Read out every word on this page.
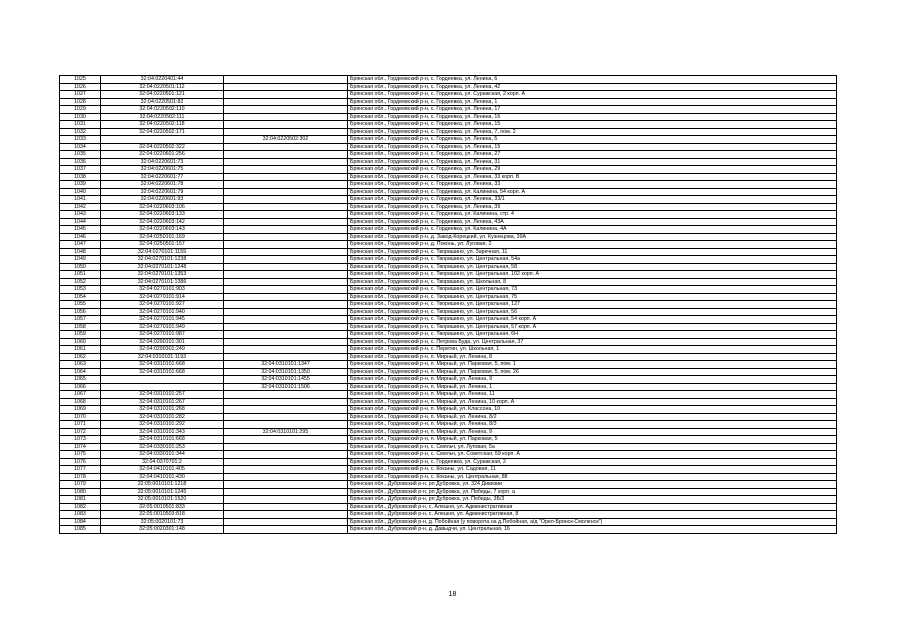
1025	32:04:0220401:44		Брянская обл., Гордеевский р-н, с. Гордеевка, ул. Ленина, 6
1026	32:04:0220501:112		Брянская обл., Гордеевский р-н, с. Гордеевка, ул. Ленина, 42
1027	32:04:0220501:121		Брянская обл., Гордеевский р-н, с. Гордеевка, ул. Суражская, 2 корп. А
1028	32:04:0220501:82		Брянская обл., Гордеевский р-н, с. Гордеевка, ул. Ленина, 1
1029	32:04:0220502:110		Брянская обл., Гордеевский р-н, с. Гордеевка, ул. Ленина, 17
1030	32:04:0220502:111		Брянская обл., Гордеевский р-н, с. Гордеевка, ул. Ленина, 16
1031	32:04:0220502:118		Брянская обл., Гордеевский р-н, с. Гордеевка, ул. Ленина, 15
1032	32:04:0220502:171		Брянская обл., Гордеевский р-н, с. Гордеевка, ул. Ленина, 7, пом. 2
1033		32:04:0220502:302	Брянская обл., Гордеевский р-н, с. Гордеевка, ул. Ленина, 5
1034	32:04:0220502:322		Брянская обл., Гордеевский р-н, с. Гордеевка, ул. Ленина, 15
1035	32:04:0220601:256		Брянская обл., Гордеевский р-н, с. Гордеевка, ул. Ленина, 27
1036	32:04:0220601:73		Брянская обл., Гордеевский р-н, с. Гордеевка, ул. Ленина, 31
1037	32:04:0220601:75		Брянская обл., Гордеевский р-н, с. Гордеевка, ул. Ленина, 29
1038	32:04:0220601:77		Брянская обл., Гордеевский р-н, с. Гордеевка, ул. Ленина, 33 корп. В
1039	32:04:0220601:78		Брянская обл., Гордеевский р-н, с. Гордеевка, ул. Ленина, 33
1040	32:04:0220601:79		Брянская обл., Гордеевский р-н, с. Гордеевка, ул. Калинина, 54 корп. А
1041	32:04:0220601:93		Брянская обл., Гордеевский р-н, с. Гордеевка, ул. Ленина, 33/1
1042	32:04:0220603:106		Брянская обл., Гордеевский р-н, с. Гордеевка, ул. Ленина, 39
1043	32:04:0220603:133		Брянская обл., Гордеевский р-н, с. Гордеевка, ул. Калинина, стр. 4
1044	32:04:0220603:142		Брянская обл., Гордеевский р-н, с. Гордеевка, ул. Ленина, 43А
1045	32:04:0220603:143		Брянская обл., Гордеевский р-н, с. Гордеевка, ул. Калинина, 4А
1046	32:04:0250101:169		Брянская обл., Гордеевский р-н, д. Завод-Корецкий, ул. Кузнецова, 39А
1047	32:04:0250501:157		Брянская обл., Гордеевский р-н, д. Поконь, ул. Луговая, 2
1048	32:04:0270101:1159		Брянская обл., Гордеевский р-н, с. Творишино, ул. Заречная, 11
1049	32:04:0270101:1238		Брянская обл., Гордеевский р-н, с. Творишино, ул. Центральная, 54а
1050	32:04:0270101:1248		Брянская обл., Гордеевский р-н, с. Творишино, ул. Центральная, 58
1051	32:04:0270101:1353		Брянская обл., Гордеевский р-н, с. Творишино, ул. Центральная, 102 корп. А
1052	32:04:0270101:1386		Брянская обл., Гордеевский р-н, с. Творишино, ул. Школьная, 8
1053	32:04:0270101:903		Брянская обл., Гордеевский р-н, с. Творишино, ул. Центральная, 73
1054	32:04:0270101:914		Брянская обл., Гордеевский р-н, с. Творишино, ул. Центральная, 75
1055	32:04:0270101:927		Брянская обл., Гордеевский р-н, с. Творишино, ул. Центральная, 127
1056	32:04:0270101:940		Брянская обл., Гордеевский р-н, с. Творишино, ул. Центральная, 56
1057	32:04:0270101:945		Брянская обл., Гордеевский р-н, с. Творишино, ул. Центральная, 54 корп. А
1058	32:04:0270101:949		Брянская обл., Гордеевский р-н, с. Творишино, ул. Центральная, 57 корп. А
1059	32:04:0270101:987		Брянская обл., Гордеевский р-н, с. Творишино, ул. Центральная, 6Н
1060	32:04:0290101:301		Брянская обл., Гордеевский р-н, с. Петрова Буда, ул. Центральная, 37
1061	32:04:0290301:249		Брянская обл., Гордеевский р-н, с. Перетин, ул. Школьная, 1
1062	32:04:0310101:1193		Брянская обл., Гордеевский р-н, п. Мирный, ул. Ленина, 8
1063	32:04:0310101:668	32:04:0310101:1347	Брянская обл., Гордеевский р-н, п. Мирный, ул. Парковая, 5, пом. 1
1064	32:04:0310101:668	32:04:0310101:1350	Брянская обл., Гордеевский р-н, п. Мирный, ул. Парковая, 5, пом. 26
1065		32:04:0310101:1455	Брянская обл., Гордеевский р-н, п. Мирный, ул. Ленина, 9
1066		32:04:0310101:1506	Брянская обл., Гордеевский р-н, п. Мирный, ул. Ленина, 1
1067	32:04:0310101:257		Брянская обл., Гордеевский р-н, п. Мирный, ул. Ленина, 11
1068	32:04:0310101:267		Брянская обл., Гордеевский р-н, п. Мирный, ул. Ленина, 10 корп. А
1069	32:04:0310101:268		Брянская обл., Гордеевский р-н, п. Мирный, ул. Классона, 10
1070	32:04:0310101:282		Брянская обл., Гордеевский р-н, п. Мирный, ул. Ленина, 8/2
1071	32:04:0310101:292		Брянская обл., Гордеевский р-н, п. Мирный, ул. Ленина, 8/3
1072	32:04:0310101:343	32:04:0310101:295	Брянская обл., Гордеевский р-н, п. Мирный, ул. Ленина, 9
1073	32:04:0310101:668		Брянская обл., Гордеевский р-н, п. Мирный, ул. Парковая, 5
1074	32:04:0330101:253		Брянская обл., Гордеевский р-н, с. Смяльч, ул. Луговая, 5а
1075	32:04:0330101:344		Брянская обл., Гордеевский р-н, с. Смяльч, ул. Советская, 59 корп. А
1076	32:04:0370701:2		Брянская обл., Гордеевский р-н, с. Гордеевка, ул. Суражская, 2
1077	32:04:0410101:405		Брянская обл., Гордеевский р-н, с. Коканы, ул. Садовая, 11
1078	32:04:0410101:430		Брянская обл., Гордеевский р-н, с. Коканы, ул. Центральная, 88
1079	32:05:0010101:1218		Брянская обл., Дубровский р-н, рп Дубровка, ул. 324 Дивизии
1080	32:05:0010101:1245		Брянская обл., Дубровский р-н, рп Дубровка, ул. Победы, 7 корп. а
1081	32:05:0010101:1520		Брянская обл., Дубровский р-н, рп Дубровка, ул. Победы, 3Б/3
1082	32:05:0010501:833		Брянская обл., Дубровский р-н, с. Алешня, ул. Административная
1083	32:05:0010503:818		Брянская обл., Дубровский р-н, с. Алешня, ул. Административная, 8
1084	32:05:0020101:73		Брянская обл., Дубровский р-н, д. Побойная (у поворота на д.Побойная, а/д "Орел-Брянск-Смоленск")
1085	32:05:0020301:148		Брянская обл., Дубровский р-н, д. Давыдчи, ул. Центральная, 16
18
